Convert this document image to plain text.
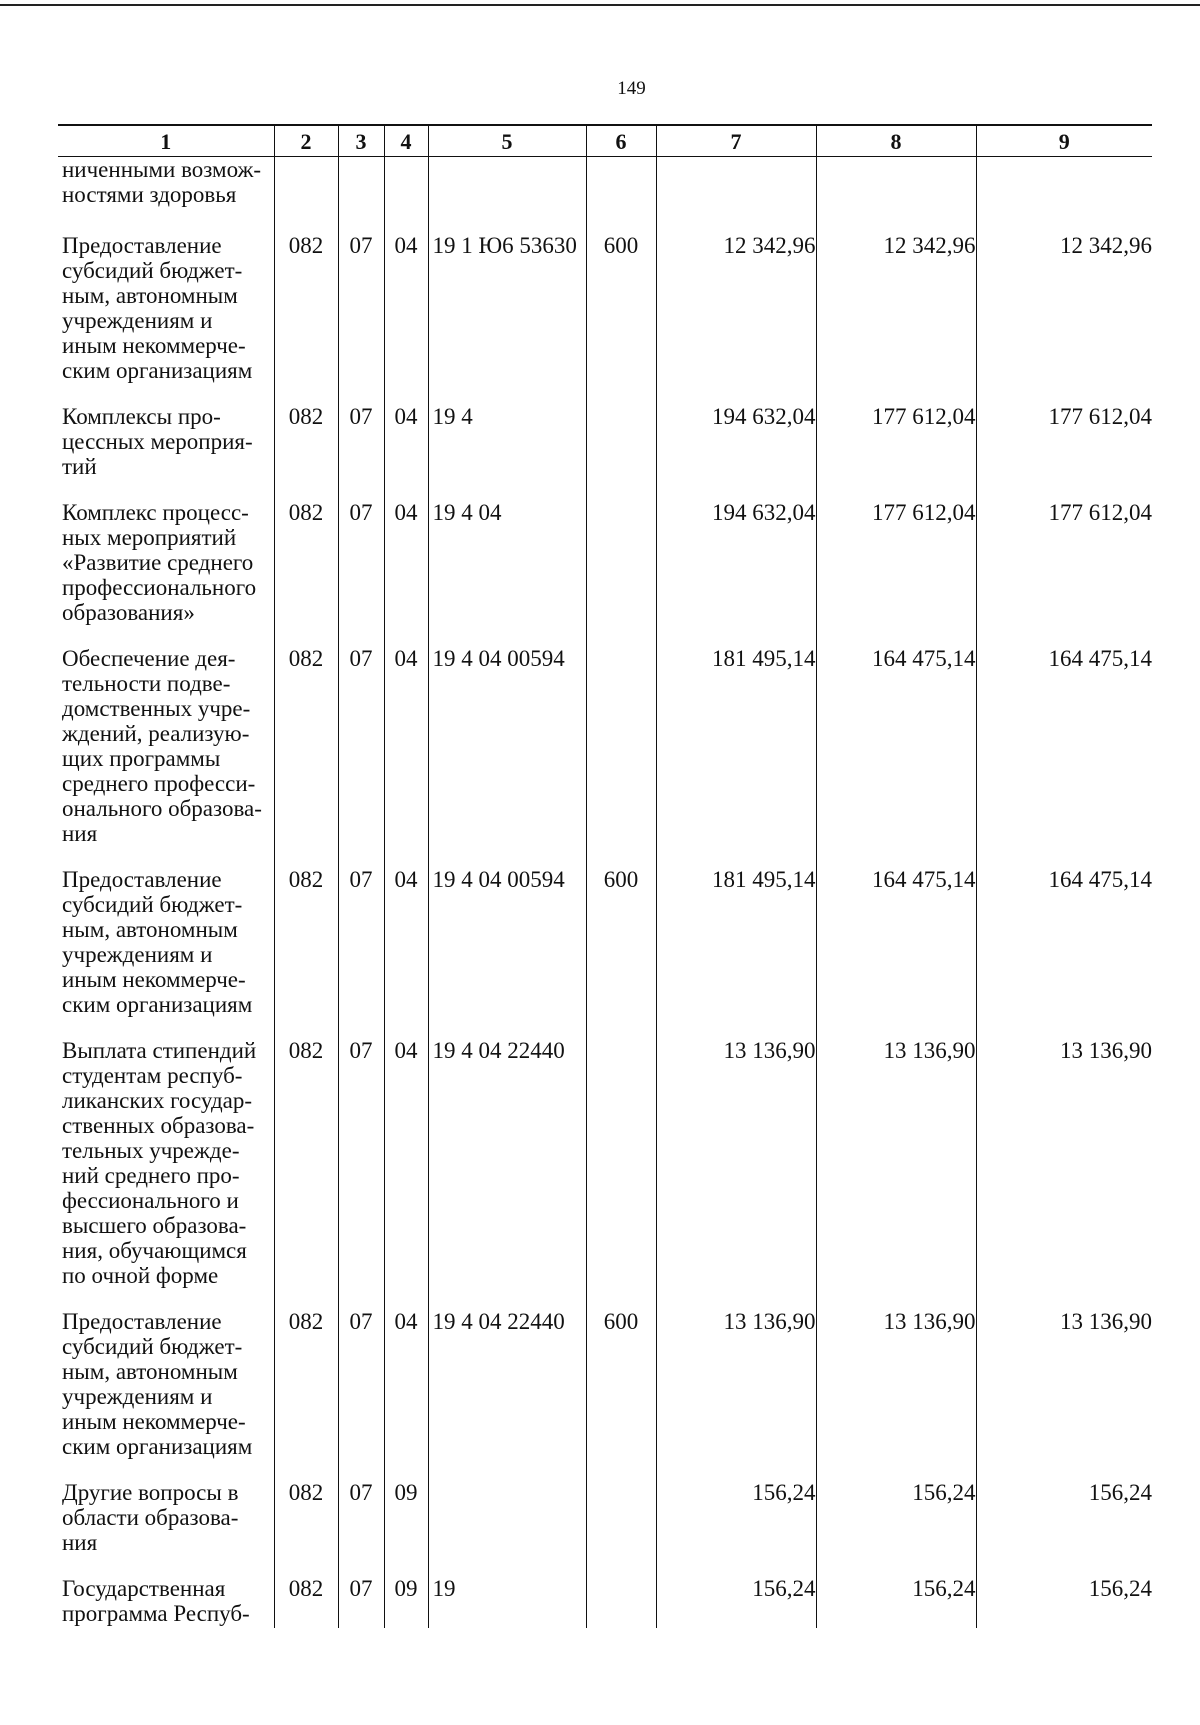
149
1	2	3	4	5	6	7	8	9
ниченными возмож- ностями здоровья								
Предоставление субсидий бюджет-ным, автономным учреждениям и иным некоммерче-ским организациям	082	07	04	19 1 Ю6 53630	600	12 342,96	12 342,96	12 342,96
Комплексы про-цессных мероприя-тий	082	07	04	19 4		194 632,04	177 612,04	177 612,04
Комплекс процесс-ных мероприятий «Развитие среднего профессионального образования»	082	07	04	19 4 04		194 632,04	177 612,04	177 612,04
Обеспечение дея-тельности подве-домственных учре-ждений, реализую-щих программы среднего професси-онального образова-ния	082	07	04	19 4 04 00594		181 495,14	164 475,14	164 475,14
Предоставление субсидий бюджет-ным, автономным учреждениям и иным некоммерче-ским организациям	082	07	04	19 4 04 00594	600	181 495,14	164 475,14	164 475,14
Выплата стипендий студентам респуб-ликанских государ-ственных образова-тельных учрежде-ний среднего про-фессионального и высшего образова-ния, обучающимся по очной форме	082	07	04	19 4 04 22440		13 136,90	13 136,90	13 136,90
Предоставление субсидий бюджет-ным, автономным учреждениям и иным некоммерче-ским организациям	082	07	04	19 4 04 22440	600	13 136,90	13 136,90	13 136,90
Другие вопросы в области образова-ния	082	07	09			156,24	156,24	156,24
Государственная программа Респуб-	082	07	09	19		156,24	156,24	156,24
